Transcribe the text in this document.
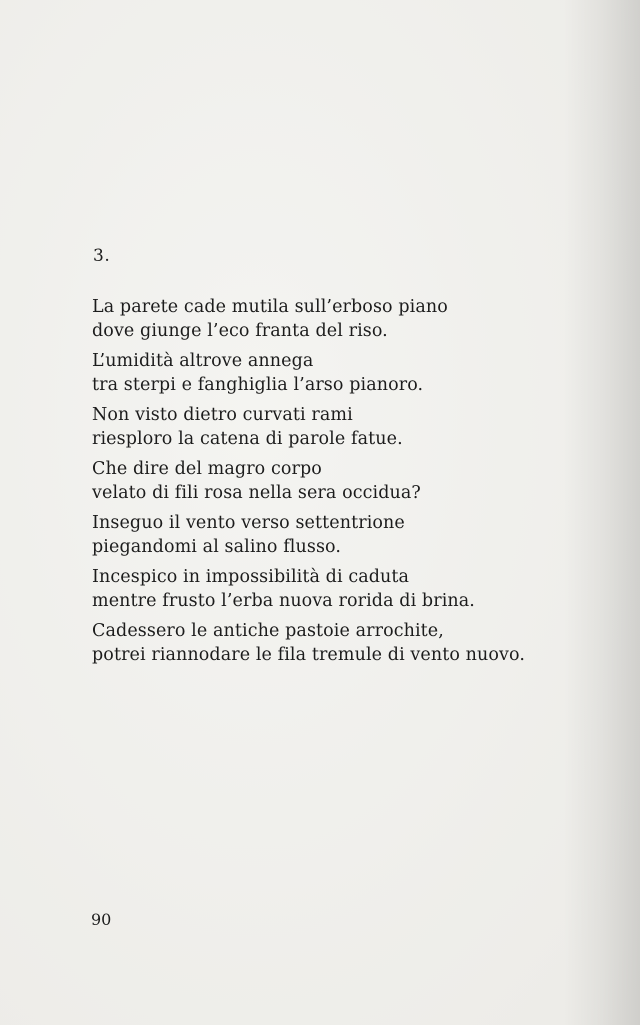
3.

La parete cade mutila sull’erboso piano
dove giunge l’eco franta del riso.
L’umidità altrove annega
tra sterpi e fanghiglia l’arso pianoro.
Non visto dietro curvati rami
riesploro la catena di parole fatue.
Che dire del magro corpo
velato di fili rosa nella sera occidua?
Inseguo il vento verso settentrione
piegandomi al salino flusso.
Incespico in impossibilità di caduta
mentre frusto l’erba nuova rorida di brina.
Cadessero le antiche pastoie arrochite,
potrei riannodare le fila tremule di vento nuovo.

90
